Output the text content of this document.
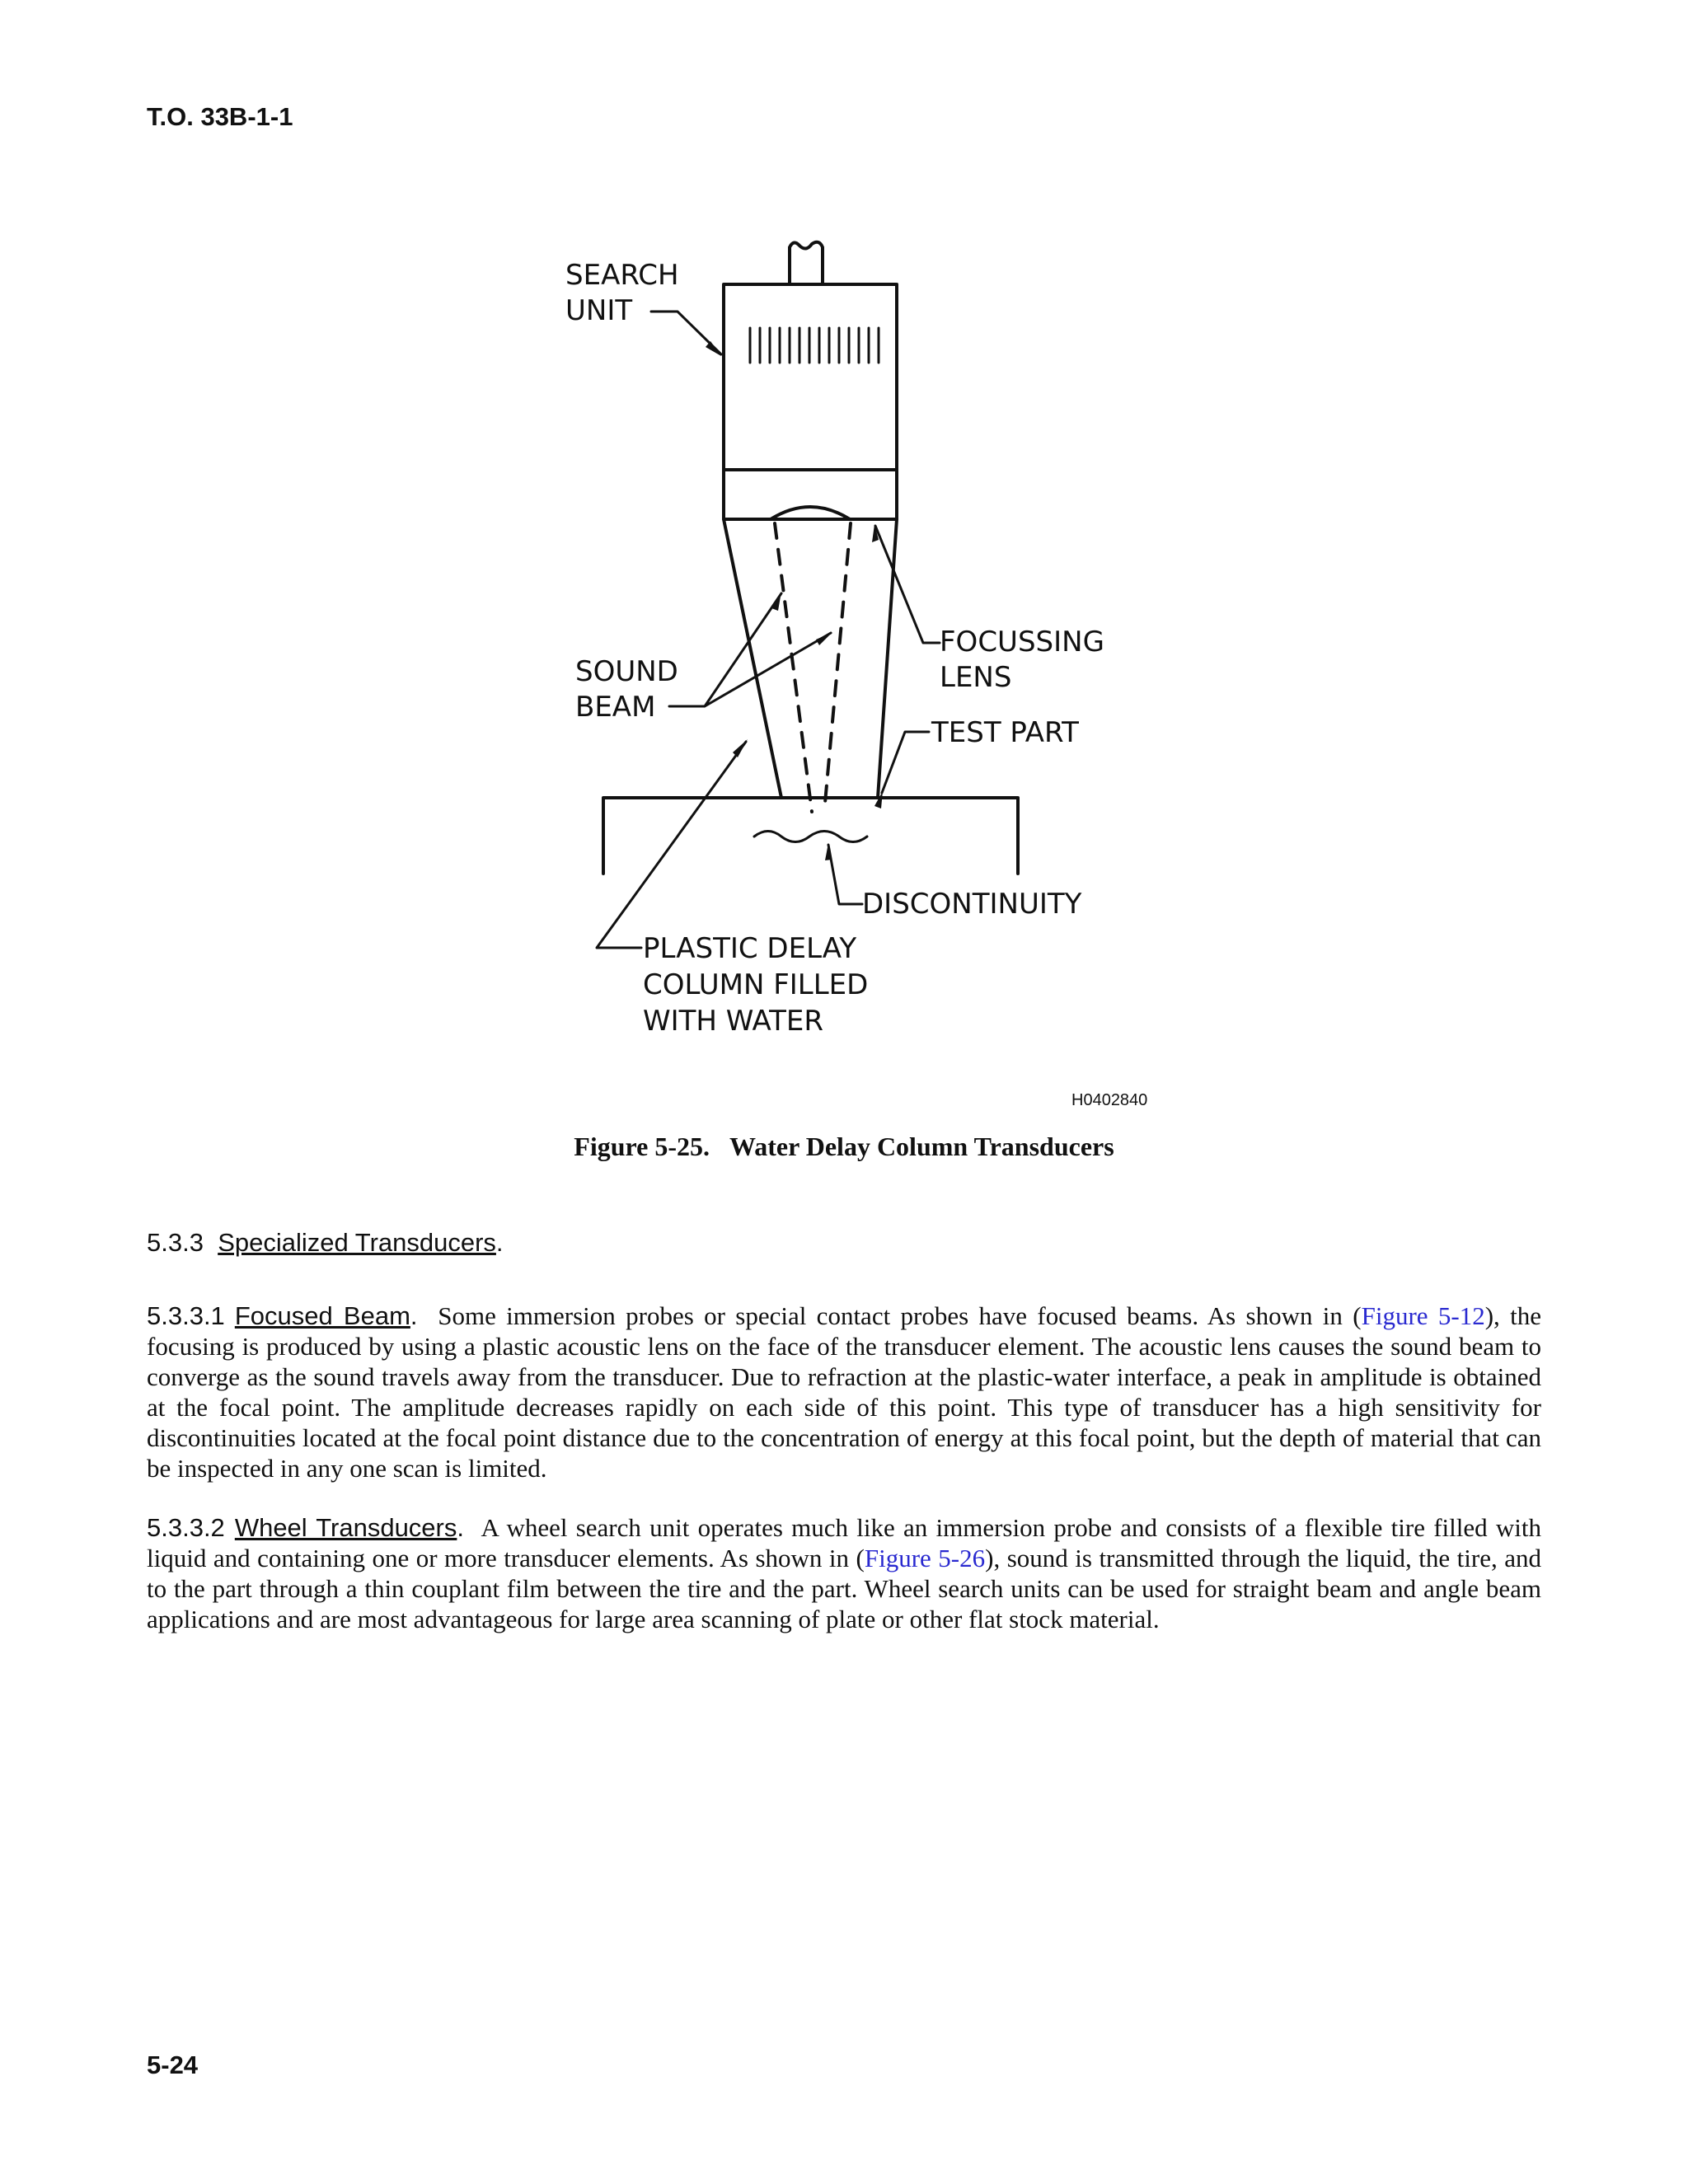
T.O. 33B-1-1
SEARCH
UNIT
SOUND
BEAM
FOCUSSING
LENS
TEST PART
DISCONTINUITY
PLASTIC DELAY
COLUMN FILLED
WITH WATER
H0402840
Figure 5-25. Water Delay Column Transducers
5.3.3 Specialized Transducers.
5.3.3.1 Focused Beam. Some immersion probes or special contact probes have focused beams. As shown in (Figure 5-12), the focusing is produced by using a plastic acoustic lens on the face of the transducer element. The acoustic lens causes the sound beam to converge as the sound travels away from the transducer. Due to refraction at the plastic-water interface, a peak in amplitude is obtained at the focal point. The amplitude decreases rapidly on each side of this point. This type of transducer has a high sensitivity for discontinuities located at the focal point distance due to the concentration of energy at this focal point, but the depth of material that can be inspected in any one scan is limited.
5.3.3.2 Wheel Transducers. A wheel search unit operates much like an immersion probe and consists of a flexible tire filled with liquid and containing one or more transducer elements. As shown in (Figure 5-26), sound is transmitted through the liquid, the tire, and to the part through a thin couplant film between the tire and the part. Wheel search units can be used for straight beam and angle beam applications and are most advantageous for large area scanning of plate or other flat stock material.
5-24
